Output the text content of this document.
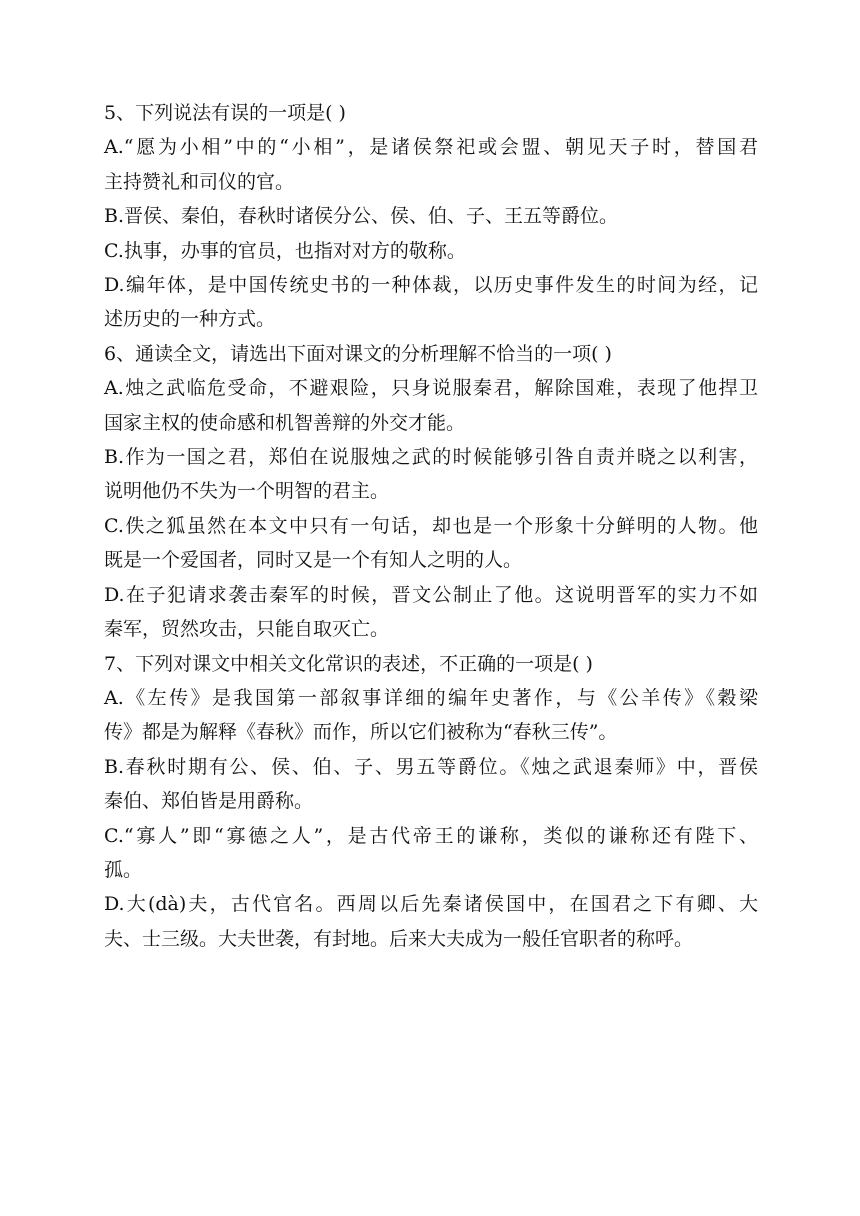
5、下列说法有误的一项是( )
A.“愿为小相”中的“小相”，是诸侯祭祀或会盟、朝见天子时，替国君
主持赞礼和司仪的官。
B.晋侯、秦伯，春秋时诸侯分公、侯、伯、子、王五等爵位。
C.执事，办事的官员，也指对对方的敬称。
D.编年体，是中国传统史书的一种体裁，以历史事件发生的时间为经，记
述历史的一种方式。
6、通读全文，请选出下面对课文的分析理解不恰当的一项( )
A.烛之武临危受命，不避艰险，只身说服秦君，解除国难，表现了他捍卫
国家主权的使命感和机智善辩的外交才能。
B.作为一国之君，郑伯在说服烛之武的时候能够引咎自责并晓之以利害，
说明他仍不失为一个明智的君主。
C.佚之狐虽然在本文中只有一句话，却也是一个形象十分鲜明的人物。他
既是一个爱国者，同时又是一个有知人之明的人。
D.在子犯请求袭击秦军的时候，晋文公制止了他。这说明晋军的实力不如
秦军，贸然攻击，只能自取灭亡。
7、下列对课文中相关文化常识的表述，不正确的一项是( )
A.《左传》是我国第一部叙事详细的编年史著作，与《公羊传》《穀梁
传》都是为解释《春秋》而作，所以它们被称为“春秋三传”。
B.春秋时期有公、侯、伯、子、男五等爵位。《烛之武退秦师》中，晋侯
秦伯、郑伯皆是用爵称。
C.“寡人”即“寡德之人”，是古代帝王的谦称，类似的谦称还有陛下、
孤。
D.大(dà)夫，古代官名。西周以后先秦诸侯国中，在国君之下有卿、大
夫、士三级。大夫世袭，有封地。后来大夫成为一般任官职者的称呼。
